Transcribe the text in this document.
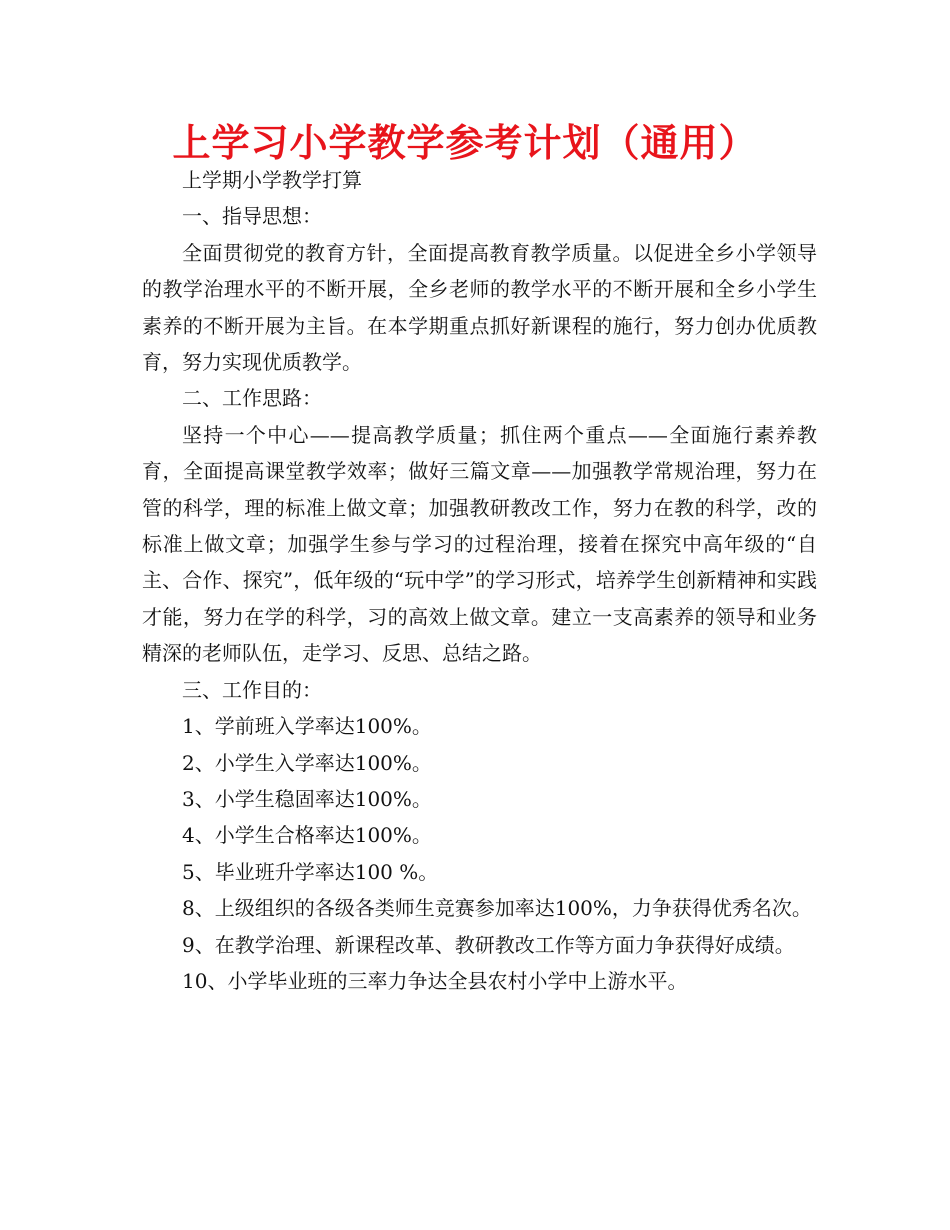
上学习小学教学参考计划（通用）

上学期小学教学打算

一、指导思想：

全面贯彻党的教育方针，全面提高教育教学质量。以促进全乡小学领导的教学治理水平的不断开展，全乡老师的教学水平的不断开展和全乡小学生素养的不断开展为主旨。在本学期重点抓好新课程的施行，努力创办优质教育，努力实现优质教学。

二、工作思路：

坚持一个中心——提高教学质量；抓住两个重点——全面施行素养教育，全面提高课堂教学效率；做好三篇文章——加强教学常规治理，努力在管的科学，理的标准上做文章；加强教研教改工作，努力在教的科学，改的标准上做文章；加强学生参与学习的过程治理，接着在探究中高年级的“自主、合作、探究”，低年级的“玩中学”的学习形式，培养学生创新精神和实践才能，努力在学的科学，习的高效上做文章。建立一支高素养的领导和业务精深的老师队伍，走学习、反思、总结之路。

三、工作目的：

1、学前班入学率达100%。

2、小学生入学率达100%。

3、小学生稳固率达100%。

4、小学生合格率达100%。

5、毕业班升学率达100 %。

8、上级组织的各级各类师生竞赛参加率达100%，力争获得优秀名次。

9、在教学治理、新课程改革、教研教改工作等方面力争获得好成绩。

10、小学毕业班的三率力争达全县农村小学中上游水平。
